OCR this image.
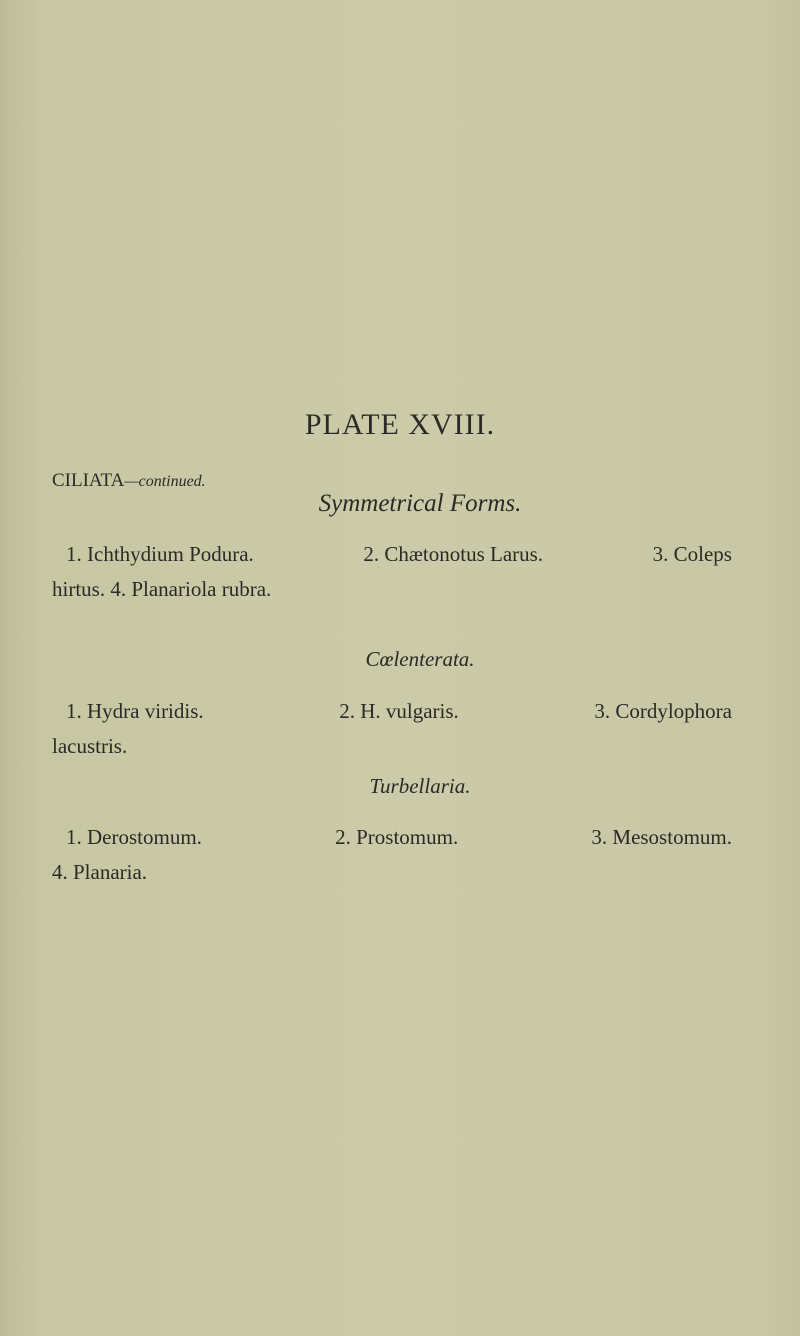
PLATE XVIII.

CILIATA—continued.

Symmetrical Forms.

1. Ichthydium Podura.	2. Chætonotus Larus.	3. Coleps
hirtus. 4. Planariola rubra.

Cœlenterata.

1. Hydra viridis.	2. H. vulgaris.	3. Cordylophora
lacustris.

Turbellaria.

1. Derostomum.	2. Prostomum.	3. Mesostomum.
4. Planaria.
